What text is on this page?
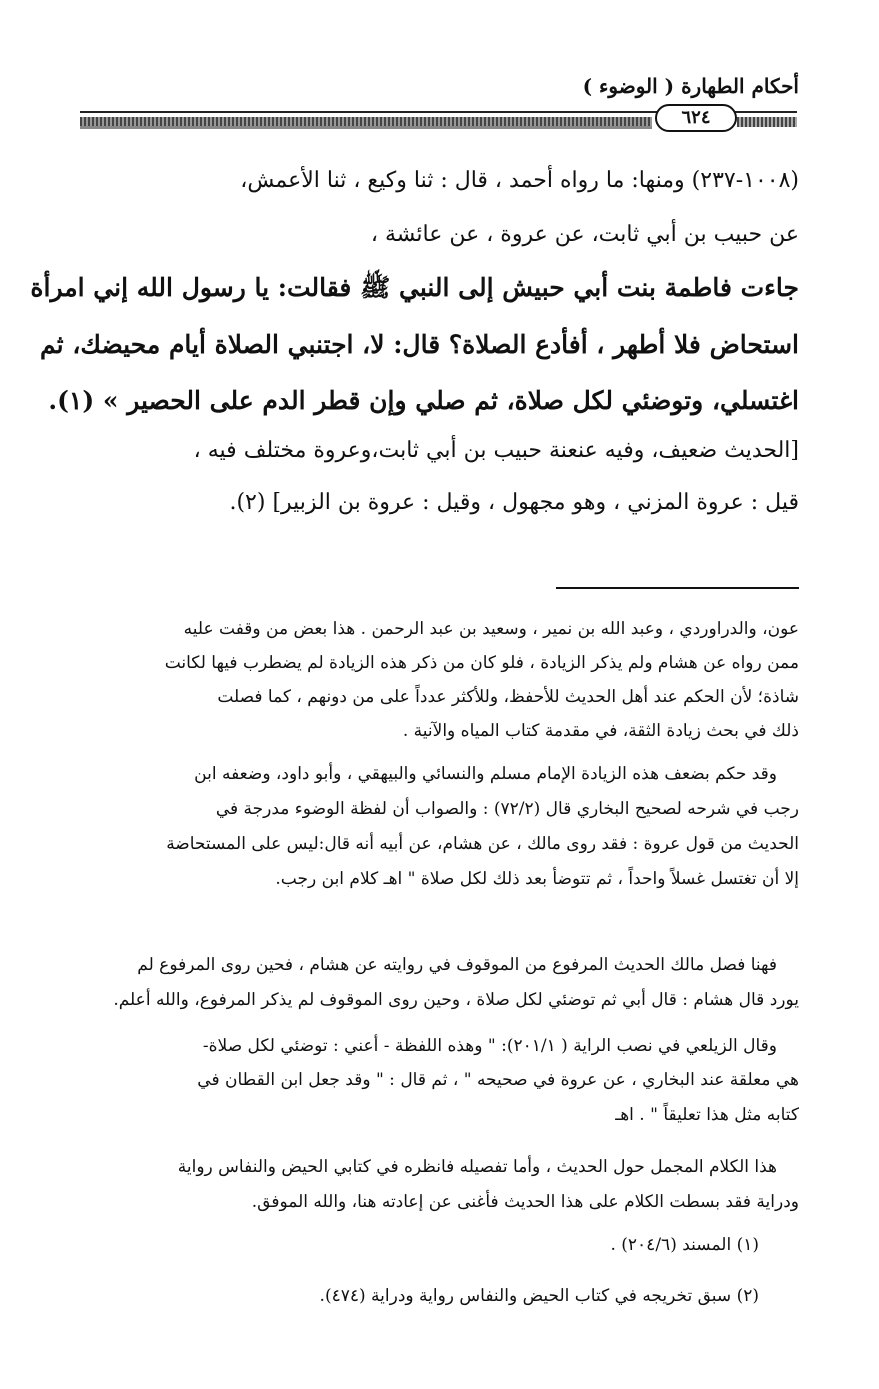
أحكام الطهارة ( الوضوء )
٦٢٤
(١٠٠٨-٢٣٧) ومنها: ما رواه أحمد ، قال : ثنا وكيع ، ثنا الأعمش،
عن حبيب بن أبي ثابت، عن عروة ، عن عائشة ،
جاءت فاطمة بنت أبي حبيش إلى النبي ﷺ فقالت: يا رسول الله إني امرأة
استحاض فلا أطهر ، أفأدع الصلاة؟ قال: لا، اجتنبي الصلاة أيام محيضك، ثم
اغتسلي، وتوضئي لكل صلاة، ثم صلي وإن قطر الدم على الحصير » (١).
[الحديث ضعيف، وفيه عنعنة حبيب بن أبي ثابت،وعروة مختلف فيه ،
قيل : عروة المزني ، وهو مجهول ، وقيل : عروة بن الزبير] (٢).
عون، والدراوردي ، وعبد الله بن نمير ، وسعيد بن عبد الرحمن . هذا بعض من وقفت عليه
ممن رواه عن هشام ولم يذكر الزيادة ، فلو كان من ذكر هذه الزيادة لم يضطرب فيها لكانت
شاذة؛ لأن الحكم عند أهل الحديث للأحفظ، وللأكثر عدداً على من دونهم ، كما فصلت
ذلك في بحث زيادة الثقة، في مقدمة كتاب المياه والآنية .
وقد حكم بضعف هذه الزيادة الإمام مسلم والنسائي والبيهقي ، وأبو داود، وضعفه ابن
رجب في شرحه لصحيح البخاري قال (٧٢/٢) : والصواب أن لفظة الوضوء مدرجة في
الحديث من قول عروة : فقد روى مالك ، عن هشام، عن أبيه أنه قال:ليس على المستحاضة
إلا أن تغتسل غسلاً واحداً ، ثم تتوضأ بعد ذلك لكل صلاة " اهـ كلام ابن رجب.
فهنا فصل مالك الحديث المرفوع من الموقوف في روايته عن هشام ، فحين روى المرفوع لم
يورد قال هشام : قال أبي ثم توضئي لكل صلاة ، وحين روى الموقوف لم يذكر المرفوع، والله أعلم.
وقال الزيلعي في نصب الراية ( ٢٠١/١): " وهذه اللفظة - أعني : توضئي لكل صلاة-
هي معلقة عند البخاري ، عن عروة في صحيحه " ، ثم قال : " وقد جعل ابن القطان في
كتابه مثل هذا تعليقاً " . اهـ
هذا الكلام المجمل حول الحديث ، وأما تفصيله فانظره في كتابي الحيض والنفاس رواية
ودراية فقد بسطت الكلام على هذا الحديث فأغنى عن إعادته هنا، والله الموفق.
(١) المسند (٢٠٤/٦) .
(٢) سبق تخريجه في كتاب الحيض والنفاس رواية ودراية (٤٧٤).
